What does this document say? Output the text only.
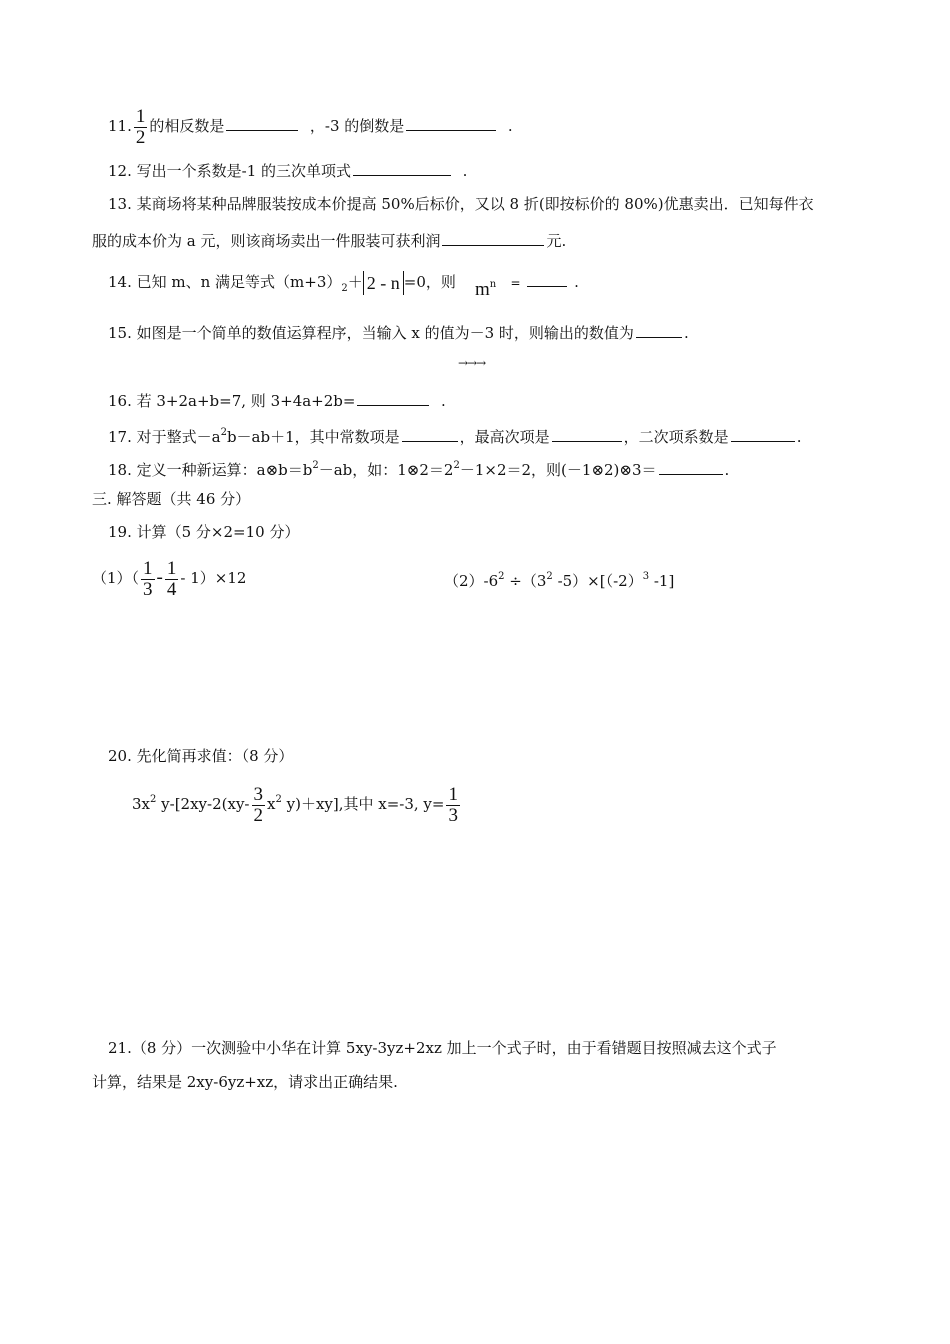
11. $\frac{1}{2}$ 的相反数是	，-3 的倒数是	.
12. 写出一个系数是-1 的三次单项式	.
13. 某商场将某种品牌服装按成本价提高 50%后标价，又以 8 折(即按标价的 80%)优惠卖出．已知每件衣
服的成本价为 a 元，则该商场卖出一件服装可获利润	元.
14. 已知 m、n 满足等式$(m+3)_2+ 2 - n =0$，则 mn =	.
15. 如图是一个简单的数值运算程序，当输入 x 的值为－3 时，则输出的数值为	.
→→→
16. 若 3+2a+b=7, 则 3+4a+2b=	.
17. 对于整式$-a^2b-ab+1$，其中常数项是	，最高次项是	，二次项系数是	.
18. 定义一种新运算：$a\otimes b=b^2-ab$，如：$1\otimes 2=2^2-1\times 2=2$，则(－1⊗2)⊗3＝	.
三. 解答题（共 46 分）
19. 计算（5 分×2=10 分）
$(1)( \frac{1}{3} - \frac{1}{4} - 1)\times 12$	$(2)-6^2 \div(3^2$ $-5)\times[(-2)^3$ -1]
20. 先化简再求值：（8 分）
$3x^2$ $y-[2xy-2(xy- \frac{3}{2} x^2$ y)＋xy],其中 x=-3, $y= \frac{1}{3}$
21.（8 分）一次测验中小华在计算 5xy-3yz+2xz 加上一个式子时，由于看错题目按照减去这个式子
计算，结果是 2xy-6yz+xz，请求出正确结果.
